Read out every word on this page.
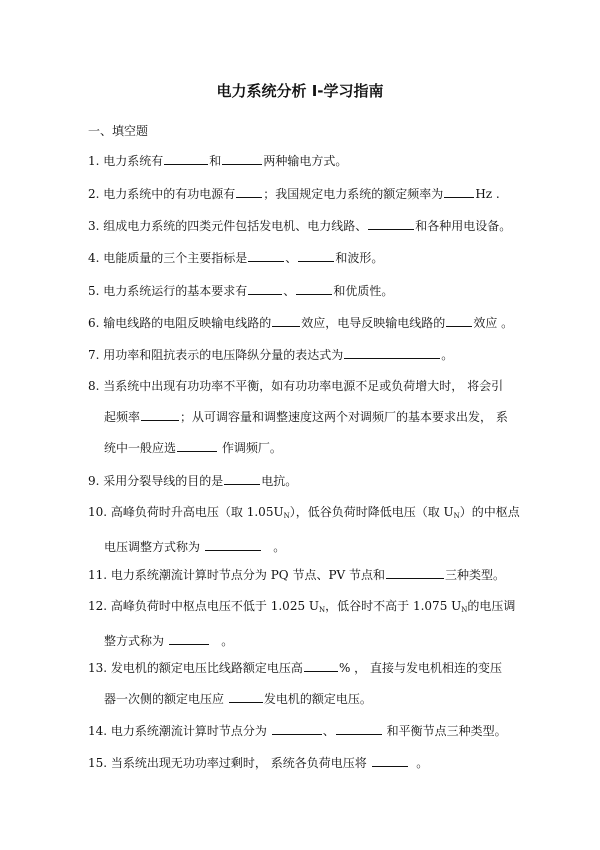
电力系统分析 I-学习指南
一、填空题
1. 电力系统有	和	两种输电方式。
2. 电力系统中的有功电源有 ；我国规定电力系统的额定频率为	Hz .
3. 组成电力系统的四类元件包括发电机、电力线路、	和各种用电设备。
4. 电能质量的三个主要指标是	、	和波形。
5. 电力系统运行的基本要求有	、	和优质性。
6. 输电线路的电阻反映输电线路的	效应，电导反映输电线路的 效应 。
7. 用功率和阻抗表示的电压降纵分量的表达式为	。
8. 当系统中出现有功功率不平衡，如有功功率电源不足或负荷增大时， 将会引
起频率	；从可调容量和调整速度这两个对调频厂的基本要求出发， 系
统中一般应选	作调频厂。
9. 采用分裂导线的目的是	电抗。
10. 高峰负荷时升高电压（取 $1.05U_N$），低谷负荷时降低电压（取 $U_N$）的中枢点
电压调整方式称为	。
11. 电力系统潮流计算时节点分为 PQ 节点、PV 节点和	三种类型。
12. 高峰负荷时中枢点电压不低于 1.025 $U_N$，低谷时不高于 1.075 $U_N$的电压调
整方式称为	。
13. 发电机的额定电压比线路额定电压高	% ， 直接与发电机相连的变压
器一次侧的额定电压应	发电机的额定电压。
14. 电力系统潮流计算时节点分为	、	和平衡节点三种类型。
15. 当系统出现无功功率过剩时， 系统各负荷电压将	。
